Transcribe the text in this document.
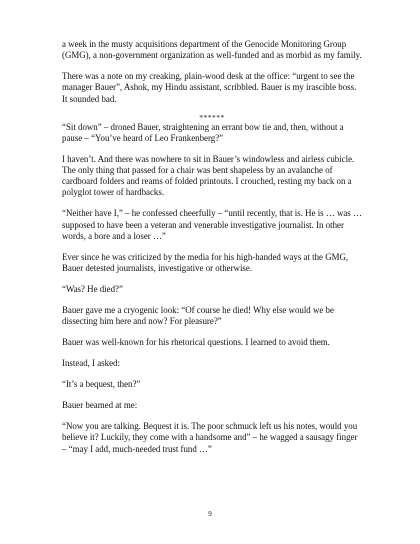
a week in the musty acquisitions department of the Genocide Monitoring Group (GMG), a non-government organization as well-funded and as morbid as my family.

There was a note on my creaking, plain-wood desk at the office: “urgent to see the manager Bauer”, Ashok, my Hindu assistant, scribbled. Bauer is my irascible boss. It sounded bad.

******

“Sit down” – droned Bauer, straightening an errant bow tie and, then, without a pause – “You’ve heard of Leo Frankenberg?”

I haven’t. And there was nowhere to sit in Bauer’s windowless and airless cubicle. The only thing that passed for a chair was bent shapeless by an avalanche of cardboard folders and reams of folded printouts. I crouched, resting my back on a polyglot tower of hardbacks.

“Neither have I,” – he confessed cheerfully – “until recently, that is. He is … was … supposed to have been a veteran and venerable investigative journalist. In other words, a bore and a loser …”

Ever since he was criticized by the media for his high-handed ways at the GMG, Bauer detested journalists, investigative or otherwise.

“Was? He died?”

Bauer gave me a cryogenic look: “Of course he died! Why else would we be dissecting him here and now? For pleasure?”

Bauer was well-known for his rhetorical questions. I learned to avoid them.

Instead, I asked:

“It’s a bequest, then?”

Bauer beamed at me:

“Now you are talking. Bequest it is. The poor schmuck left us his notes, would you believe it? Luckily, they come with a handsome and” – he wagged a sausagy finger – “may I add, much-needed trust fund …”

9
